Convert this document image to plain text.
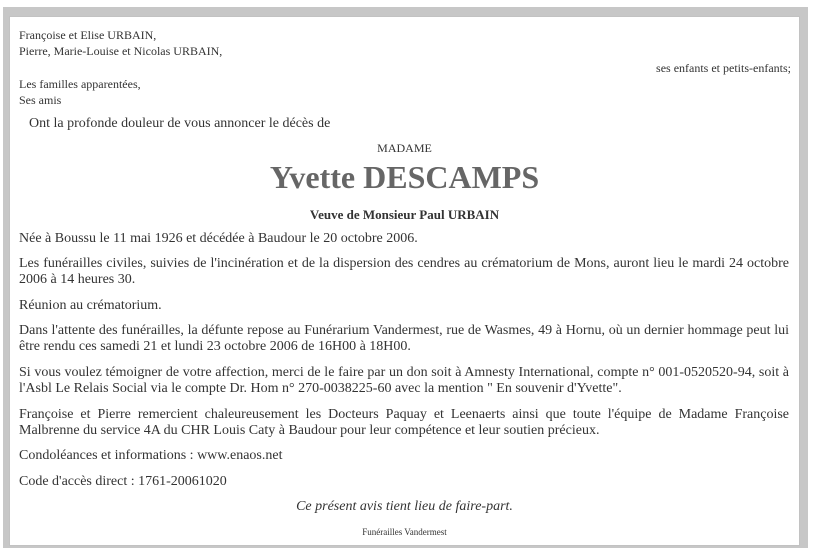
Françoise et Elise URBAIN,
Pierre, Marie-Louise et Nicolas URBAIN,
ses enfants et petits-enfants;
Les familles apparentées,
Ses amis
Ont la profonde douleur de vous annoncer le décès de
MADAME
Yvette DESCAMPS
Veuve de Monsieur Paul URBAIN
Née à Boussu le 11 mai 1926 et décédée à Baudour le 20 octobre 2006.
Les funérailles civiles, suivies de l'incinération et de la dispersion des cendres au crématorium de Mons, auront lieu le mardi 24 octobre 2006 à 14 heures 30.
Réunion au crématorium.
Dans l'attente des funérailles, la défunte repose au Funérarium Vandermest, rue de Wasmes, 49 à Hornu, où un dernier hommage peut lui être rendu ces samedi 21 et lundi 23 octobre 2006 de 16H00 à 18H00.
Si vous voulez témoigner de votre affection, merci de le faire par un don soit à Amnesty International, compte n° 001-0520520-94, soit à l'Asbl Le Relais Social via le compte Dr. Hom n° 270-0038225-60 avec la mention " En souvenir d'Yvette".
Françoise et Pierre remercient chaleureusement les Docteurs Paquay et Leenaerts ainsi que toute l'équipe de Madame Françoise Malbrenne du service 4A du CHR Louis Caty à Baudour pour leur compétence et leur soutien précieux.
Condoléances et informations : www.enaos.net
Code d'accès direct : 1761-20061020
Ce présent avis tient lieu de faire-part.
Funérailles Vandermest
